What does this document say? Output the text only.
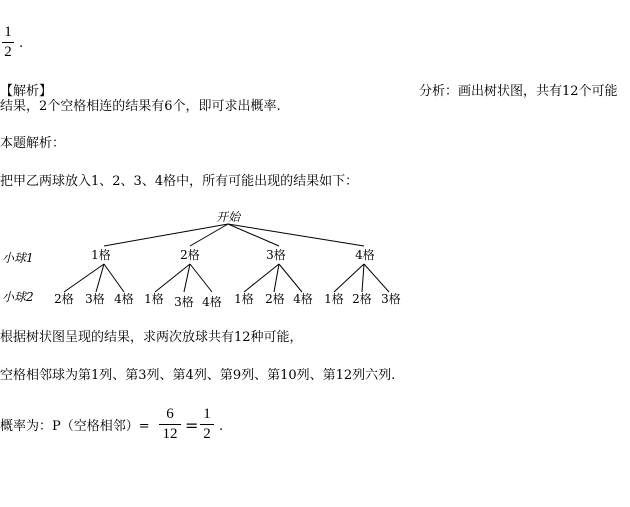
1
2
.
【解析】	分析：画出树状图，共有12个可能
结果，2个空格相连的结果有6个，即可求出概率.
本题解析：
把甲乙两球放入1、2、3、4格中，所有可能出现的结果如下：
开始
小球1
小球2
1格	2格	3格	4格
2格 3格 4格 1格 3格 4格 1格 2格 4格 1格 2格 3格
根据树状图呈现的结果，求两次放球共有12种可能，
空格相邻球为第1列、第3列、第4列、第9列、第10列、第12列六列.
概率为：P（空格相邻）=
6
12 =
1
2 .
